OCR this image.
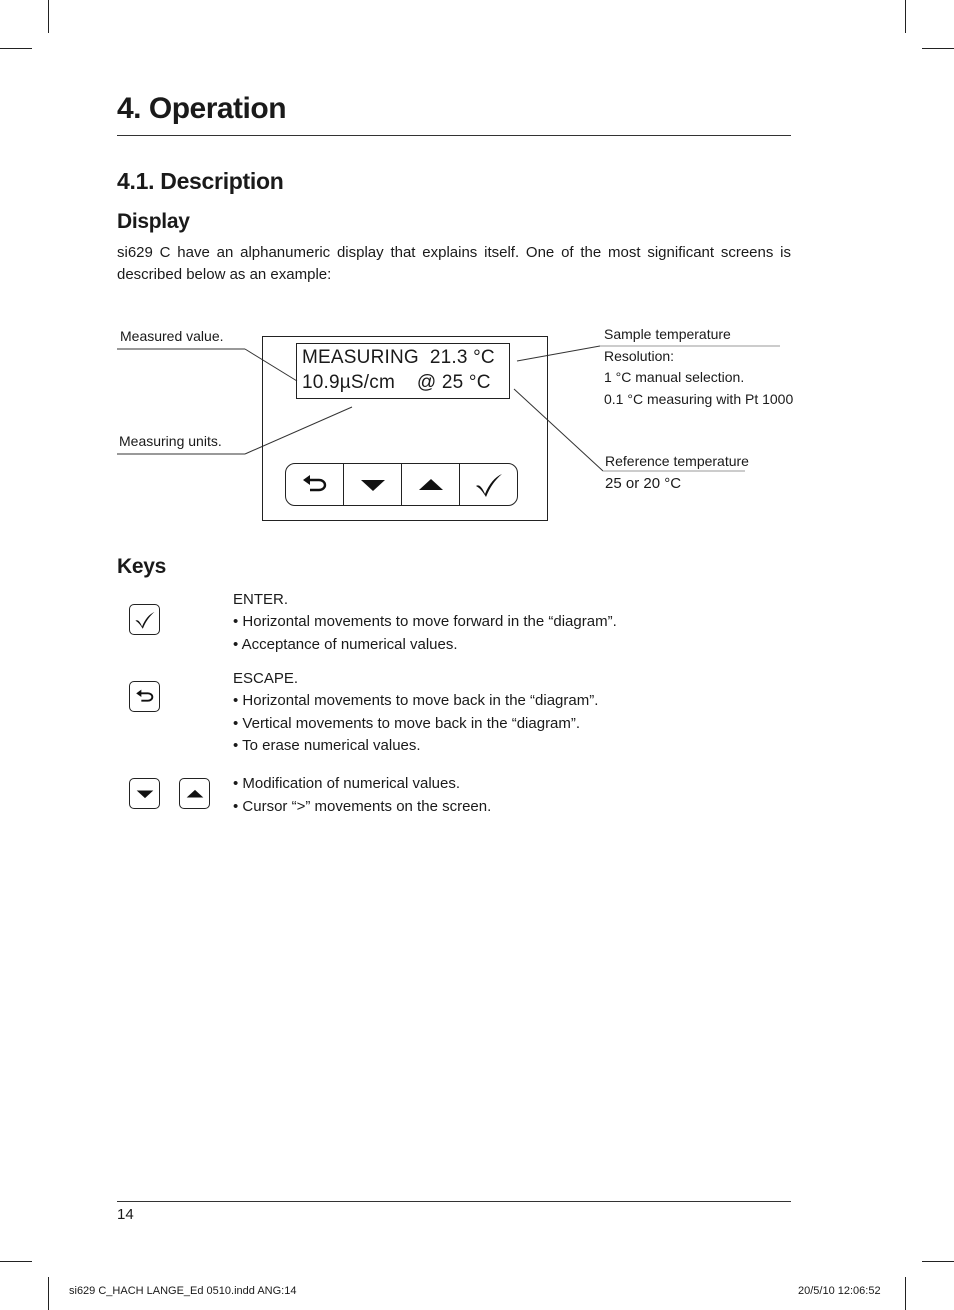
4. Operation
4.1. Description
Display
si629 C have an alphanumeric display that explains itself. One of the most significant screens is described below as an example:
Measured value.
Measuring units.
Sample temperature
Resolution:
1 °C manual selection.
0.1 °C measuring with Pt 1000
Reference temperature
25 or 20 °C
MEASURING  21.3 °C
10.9µS/cm    @ 25 °C
Keys
ENTER.
• Horizontal movements to move forward in the “diagram”.
• Acceptance of numerical values.
ESCAPE.
• Horizontal movements to move back in the “diagram”.
• Vertical movements to move back in the “diagram”.
• To erase numerical values.
• Modification of numerical values.
• Cursor “>” movements on the screen.
14
si629 C_HACH LANGE_Ed 0510.indd ANG:14	20/5/10 12:06:52
